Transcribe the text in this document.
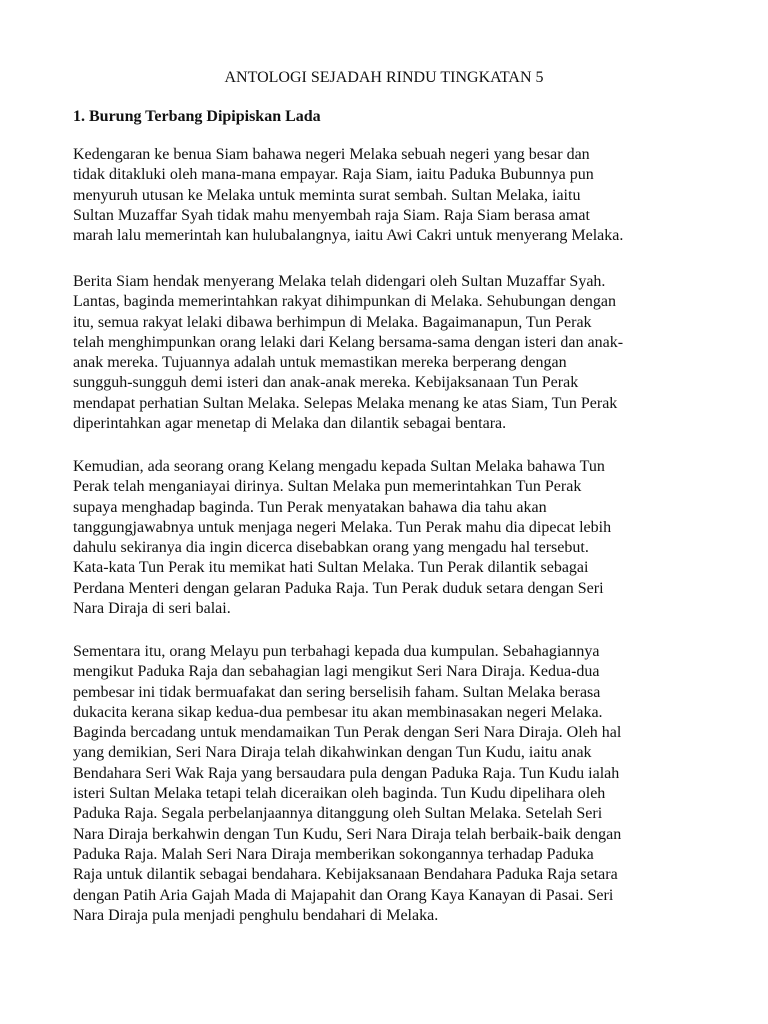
ANTOLOGI SEJADAH RINDU TINGKATAN 5
1. Burung Terbang Dipipiskan Lada
Kedengaran ke benua Siam bahawa negeri Melaka sebuah negeri yang besar dan
tidak ditakluki oleh mana-mana empayar. Raja Siam, iaitu Paduka Bubunnya pun
menyuruh utusan ke Melaka untuk meminta surat sembah. Sultan Melaka, iaitu
Sultan Muzaffar Syah tidak mahu menyembah raja Siam. Raja Siam berasa amat
marah lalu memerintah kan hulubalangnya, iaitu Awi Cakri untuk menyerang Melaka.
Berita Siam hendak menyerang Melaka telah didengari oleh Sultan Muzaffar Syah.
Lantas, baginda memerintahkan rakyat dihimpunkan di Melaka. Sehubungan dengan
itu, semua rakyat lelaki dibawa berhimpun di Melaka. Bagaimanapun, Tun Perak
telah menghimpunkan orang lelaki dari Kelang bersama-sama dengan isteri dan anak-
anak mereka. Tujuannya adalah untuk memastikan mereka berperang dengan
sungguh-sungguh demi isteri dan anak-anak mereka. Kebijaksanaan Tun Perak
mendapat perhatian Sultan Melaka. Selepas Melaka menang ke atas Siam, Tun Perak
diperintahkan agar menetap di Melaka dan dilantik sebagai bentara.
Kemudian, ada seorang orang Kelang mengadu kepada Sultan Melaka bahawa Tun
Perak telah menganiayai dirinya. Sultan Melaka pun memerintahkan Tun Perak
supaya menghadap baginda. Tun Perak menyatakan bahawa dia tahu akan
tanggungjawabnya untuk menjaga negeri Melaka. Tun Perak mahu dia dipecat lebih
dahulu sekiranya dia ingin dicerca disebabkan orang yang mengadu hal tersebut.
Kata-kata Tun Perak itu memikat hati Sultan Melaka. Tun Perak dilantik sebagai
Perdana Menteri dengan gelaran Paduka Raja. Tun Perak duduk setara dengan Seri
Nara Diraja di seri balai.
Sementara itu, orang Melayu pun terbahagi kepada dua kumpulan. Sebahagiannya
mengikut Paduka Raja dan sebahagian lagi mengikut Seri Nara Diraja. Kedua-dua
pembesar ini tidak bermuafakat dan sering berselisih faham. Sultan Melaka berasa
dukacita kerana sikap kedua-dua pembesar itu akan membinasakan negeri Melaka.
Baginda bercadang untuk mendamaikan Tun Perak dengan Seri Nara Diraja. Oleh hal
yang demikian, Seri Nara Diraja telah dikahwinkan dengan Tun Kudu, iaitu anak
Bendahara Seri Wak Raja yang bersaudara pula dengan Paduka Raja. Tun Kudu ialah
isteri Sultan Melaka tetapi telah diceraikan oleh baginda. Tun Kudu dipelihara oleh
Paduka Raja. Segala perbelanjaannya ditanggung oleh Sultan Melaka. Setelah Seri
Nara Diraja berkahwin dengan Tun Kudu, Seri Nara Diraja telah berbaik-baik dengan
Paduka Raja. Malah Seri Nara Diraja memberikan sokongannya terhadap Paduka
Raja untuk dilantik sebagai bendahara. Kebijaksanaan Bendahara Paduka Raja setara
dengan Patih Aria Gajah Mada di Majapahit dan Orang Kaya Kanayan di Pasai. Seri
Nara Diraja pula menjadi penghulu bendahari di Melaka.
